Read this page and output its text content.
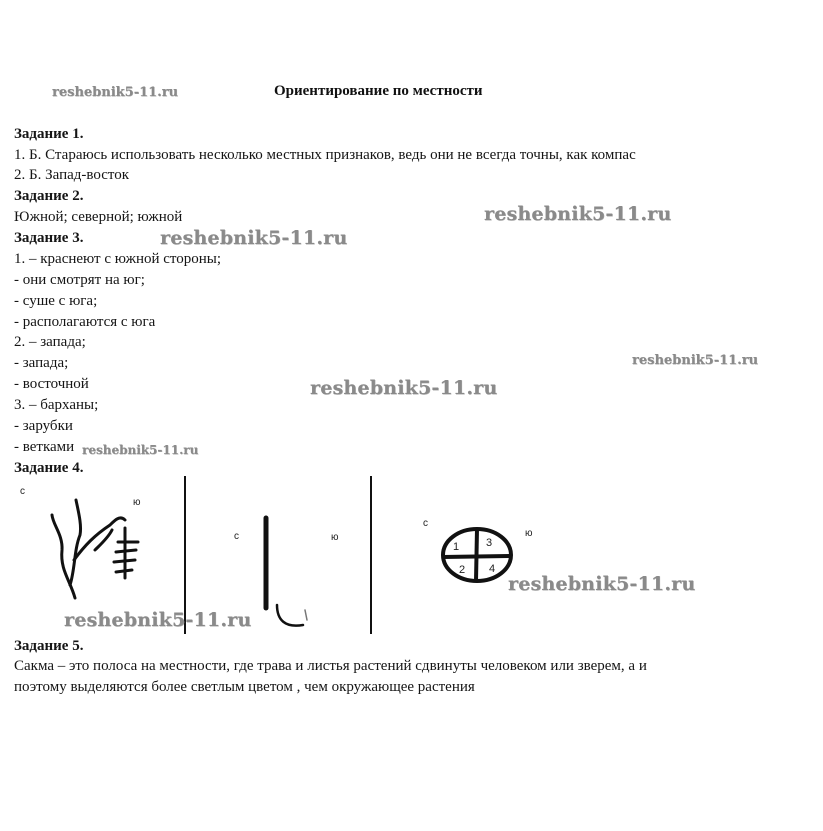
reshebnik5-11.ru	Ориентирование по местности
Задание 1.
1. Б. Стараюсь использовать несколько местных признаков, ведь они не всегда точны, как компас
2. Б. Запад-восток
Задание 2.
Южной; северной; южной	reshebnik5-11.ru
Задание 3.	reshebnik5-11.ru
1. – краснеют с южной стороны;
- они смотрят на юг;
- суше с юга;
- располагаются с юга
2. – запада;
- запада;	reshebnik5-11.ru
- восточной	reshebnik5-11.ru
3. – барханы;
- зарубки
- ветками reshebnik5-11.ru
Задание 4.
с
ю
с	ю
с
ю
1 3
2 4
reshebnik5-11.ru
reshebnik5-11.ru
Задание 5.
Сакма – это полоса на местности, где трава и листья растений сдвинуты человеком или зверем, а и
поэтому выделяются более светлым цветом , чем окружающее растения
